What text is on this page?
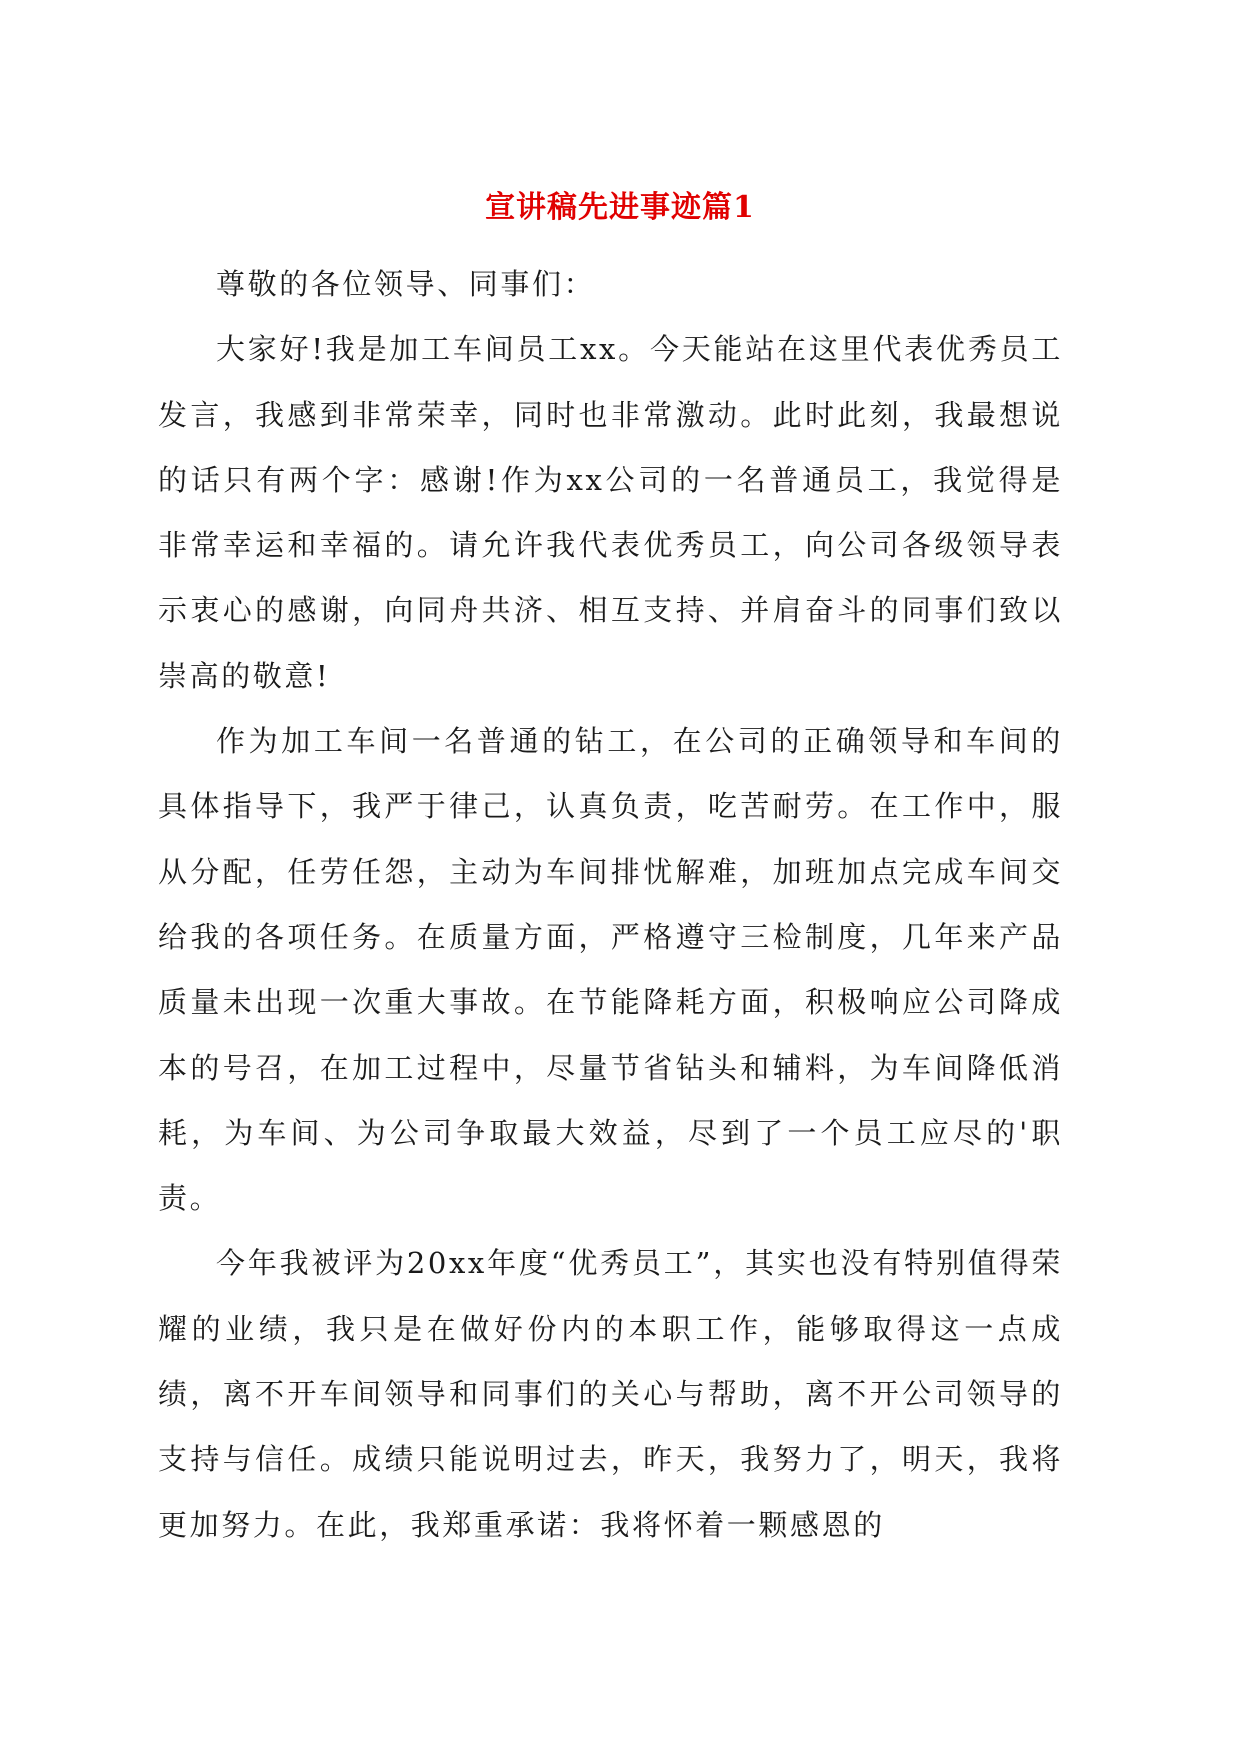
宣讲稿先进事迹篇1

尊敬的各位领导、同事们：

大家好!我是加工车间员工xx。今天能站在这里代表优秀员工发言，我感到非常荣幸，同时也非常激动。此时此刻，我最想说的话只有两个字：感谢!作为xx公司的一名普通员工，我觉得是非常幸运和幸福的。请允许我代表优秀员工，向公司各级领导表示衷心的感谢，向同舟共济、相互支持、并肩奋斗的同事们致以崇高的敬意!

作为加工车间一名普通的钻工，在公司的正确领导和车间的具体指导下，我严于律己，认真负责，吃苦耐劳。在工作中，服从分配，任劳任怨，主动为车间排忧解难，加班加点完成车间交给我的各项任务。在质量方面，严格遵守三检制度，几年来产品质量未出现一次重大事故。在节能降耗方面，积极响应公司降成本的号召，在加工过程中，尽量节省钻头和辅料，为车间降低消耗，为车间、为公司争取最大效益，尽到了一个员工应尽的'职责。

今年我被评为20xx年度“优秀员工”，其实也没有特别值得荣耀的业绩，我只是在做好份内的本职工作，能够取得这一点成绩，离不开车间领导和同事们的关心与帮助，离不开公司领导的支持与信任。成绩只能说明过去，昨天，我努力了，明天，我将更加努力。在此，我郑重承诺：我将怀着一颗感恩的
